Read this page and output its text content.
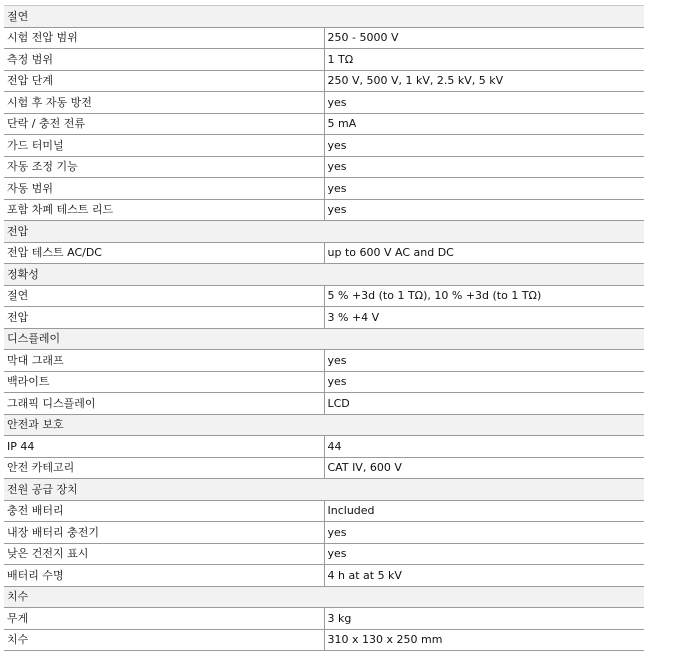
절연	
시험 전압 범위	250 - 5000 V
측정 범위	1 TΩ
전압 단계	250 V, 500 V, 1 kV, 2.5 kV, 5 kV
시험 후 자동 방전	yes
단락 / 충전 전류	5 mA
가드 터미널	yes
자동 조정 기능	yes
자동 범위	yes
포함 차폐 테스트 리드	yes
전압	
전압 테스트 AC/DC	up to 600 V AC and DC
정확성	
절연	5 % +3d (to 1 TΩ), 10 % +3d (to 1 TΩ)
전압	3 % +4 V
디스플레이	
막대 그래프	yes
백라이트	yes
그래픽 디스플레이	LCD
안전과 보호	
IP 44	44
안전 카테고리	CAT IV, 600 V
전원 공급 장치	
충전 배터리	Included
내장 배터리 충전기	yes
낮은 건전지 표시	yes
배터리 수명	4 h at at 5 kV
치수	
무게	3 kg
치수	310 x 130 x 250 mm
